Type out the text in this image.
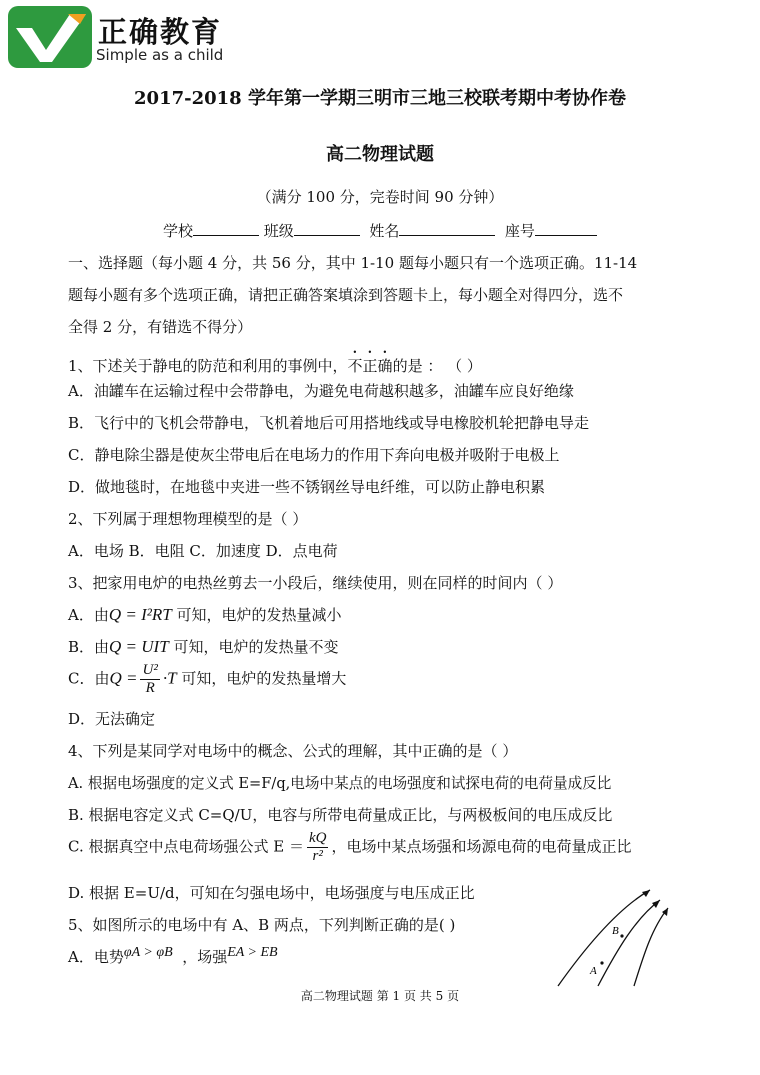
正确教育
Simple as a child
2017-2018 学年第一学期三明市三地三校联考期中考协作卷
高二物理试题
（满分 100 分，完卷时间 90 分钟）
学校	班级	姓名	座号
一、选择题（每小题 4 分，共 56 分，其中 1-10 题每小题只有一个选项正确。11-14
题每小题有多个选项正确，请把正确答案填涂到答题卡上，每小题全对得四分，选不
全得 2 分，有错选不得分）
1、下述关于静电的防范和利用的事例中，不正确的是 ： （ ）
A．油罐车在运输过程中会带静电，为避免电荷越积越多，油罐车应良好绝缘
B．飞行中的飞机会带静电，飞机着地后可用搭地线或导电橡胶机轮把静电导走
C．静电除尘器是使灰尘带电后在电场力的作用下奔向电极并吸附于电极上
D．做地毯时，在地毯中夹进一些不锈钢丝导电纤维，可以防止静电积累
2、下列属于理想物理模型的是（ ）
A．电场 B．电阻 C．加速度 D．点电荷
3、把家用电炉的电热丝剪去一小段后，继续使用，则在同样的时间内（ ）
A．由Q = I²RT 可知，电炉的发热量减小
B．由Q = UIT 可知，电炉的发热量不变
C．由$Q = \frac{\text{U²}}{R} \cdot T$ 可知，电炉的发热量增大
D．无法确定
4、下列是某同学对电场中的概念、公式的理解，其中正确的是（ ）
A. 根据电场强度的定义式 E=F/q,电场中某点的电场强度和试探电荷的电荷量成反比
B. 根据电容定义式 C=Q/U，电容与所带电荷量成正比，与两极板间的电压成反比
C. 根据真空中点电荷场强公式 $E = \frac{kQ}{\text{r²}}$ ，电场中某点场强和场源电荷的电荷量成正比
D. 根据 E=U/d，可知在匀强电场中，电场强度与电压成正比
5、如图所示的电场中有 A、B 两点，下列判断正确的是( )
A．电势φA > φB ，场强EA > EB
A
B
高二物理试题 第 1 页 共 5 页
